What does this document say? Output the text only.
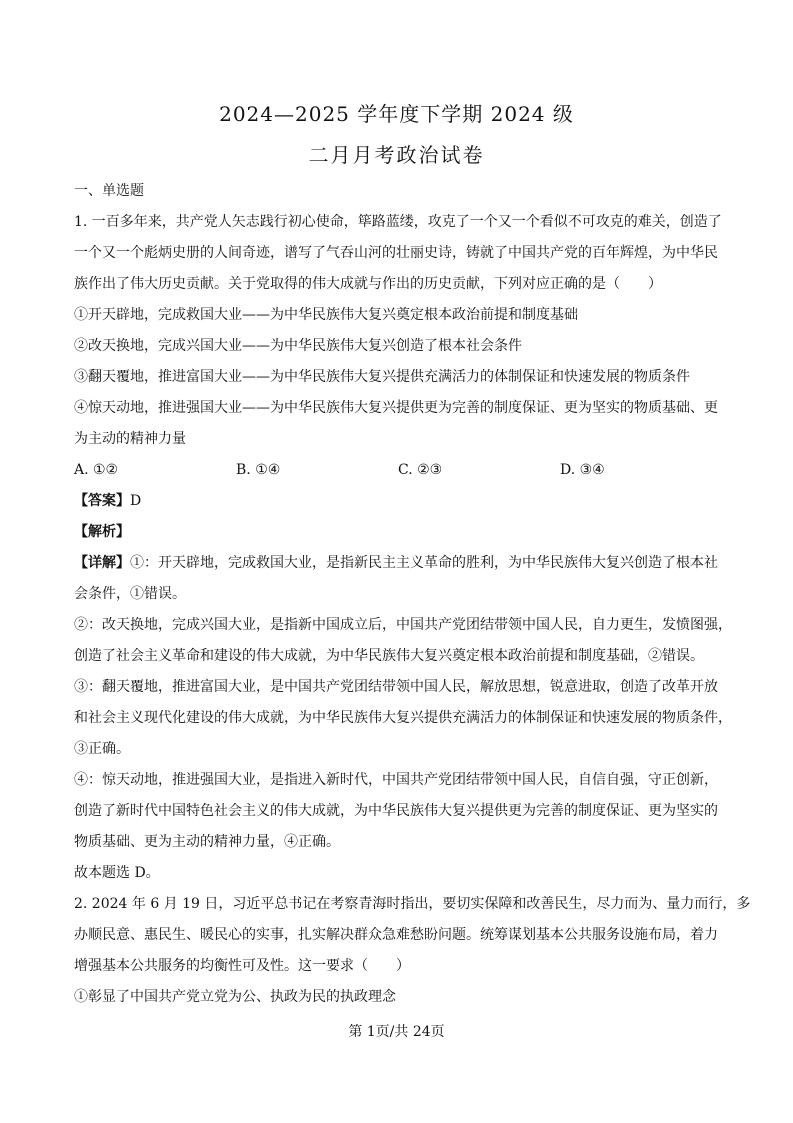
2024—2025 学年度下学期 2024 级
二月月考政治试卷

一、单选题

1. 一百多年来，共产党人矢志践行初心使命，筚路蓝缕，攻克了一个又一个看似不可攻克的难关，创造了

一个又一个彪炳史册的人间奇迹，谱写了气吞山河的壮丽史诗，铸就了中国共产党的百年辉煌，为中华民

族作出了伟大历史贡献。关于党取得的伟大成就与作出的历史贡献，下列对应正确的是（　　）

①开天辟地，完成救国大业——为中华民族伟大复兴奠定根本政治前提和制度基础

②改天换地，完成兴国大业——为中华民族伟大复兴创造了根本社会条件

③翻天覆地，推进富国大业——为中华民族伟大复兴提供充满活力的体制保证和快速发展的物质条件

④惊天动地，推进强国大业——为中华民族伟大复兴提供更为完善的制度保证、更为坚实的物质基础、更

为主动的精神力量

A. ①②	B. ①④	C. ②③	D. ③④

【答案】D

【解析】

【详解】①：开天辟地，完成救国大业，是指新民主主义革命的胜利，为中华民族伟大复兴创造了根本社

会条件，①错误。

②：改天换地，完成兴国大业，是指新中国成立后，中国共产党团结带领中国人民，自力更生，发愤图强，

创造了社会主义革命和建设的伟大成就，为中华民族伟大复兴奠定根本政治前提和制度基础，②错误。

③：翻天覆地，推进富国大业，是中国共产党团结带领中国人民，解放思想，锐意进取，创造了改革开放

和社会主义现代化建设的伟大成就，为中华民族伟大复兴提供充满活力的体制保证和快速发展的物质条件，

③正确。

④：惊天动地，推进强国大业，是指进入新时代，中国共产党团结带领中国人民，自信自强，守正创新，

创造了新时代中国特色社会主义的伟大成就，为中华民族伟大复兴提供更为完善的制度保证、更为坚实的

物质基础、更为主动的精神力量，④正确。

故本题选 D。

2. 2024 年 6 月 19 日，习近平总书记在考察青海时指出，要切实保障和改善民生，尽力而为、量力而行，多

办顺民意、惠民生、暖民心的实事，扎实解决群众急难愁盼问题。统筹谋划基本公共服务设施布局，着力

增强基本公共服务的均衡性可及性。这一要求（　　）

①彰显了中国共产党立党为公、执政为民的执政理念

第 1页/共 24页
